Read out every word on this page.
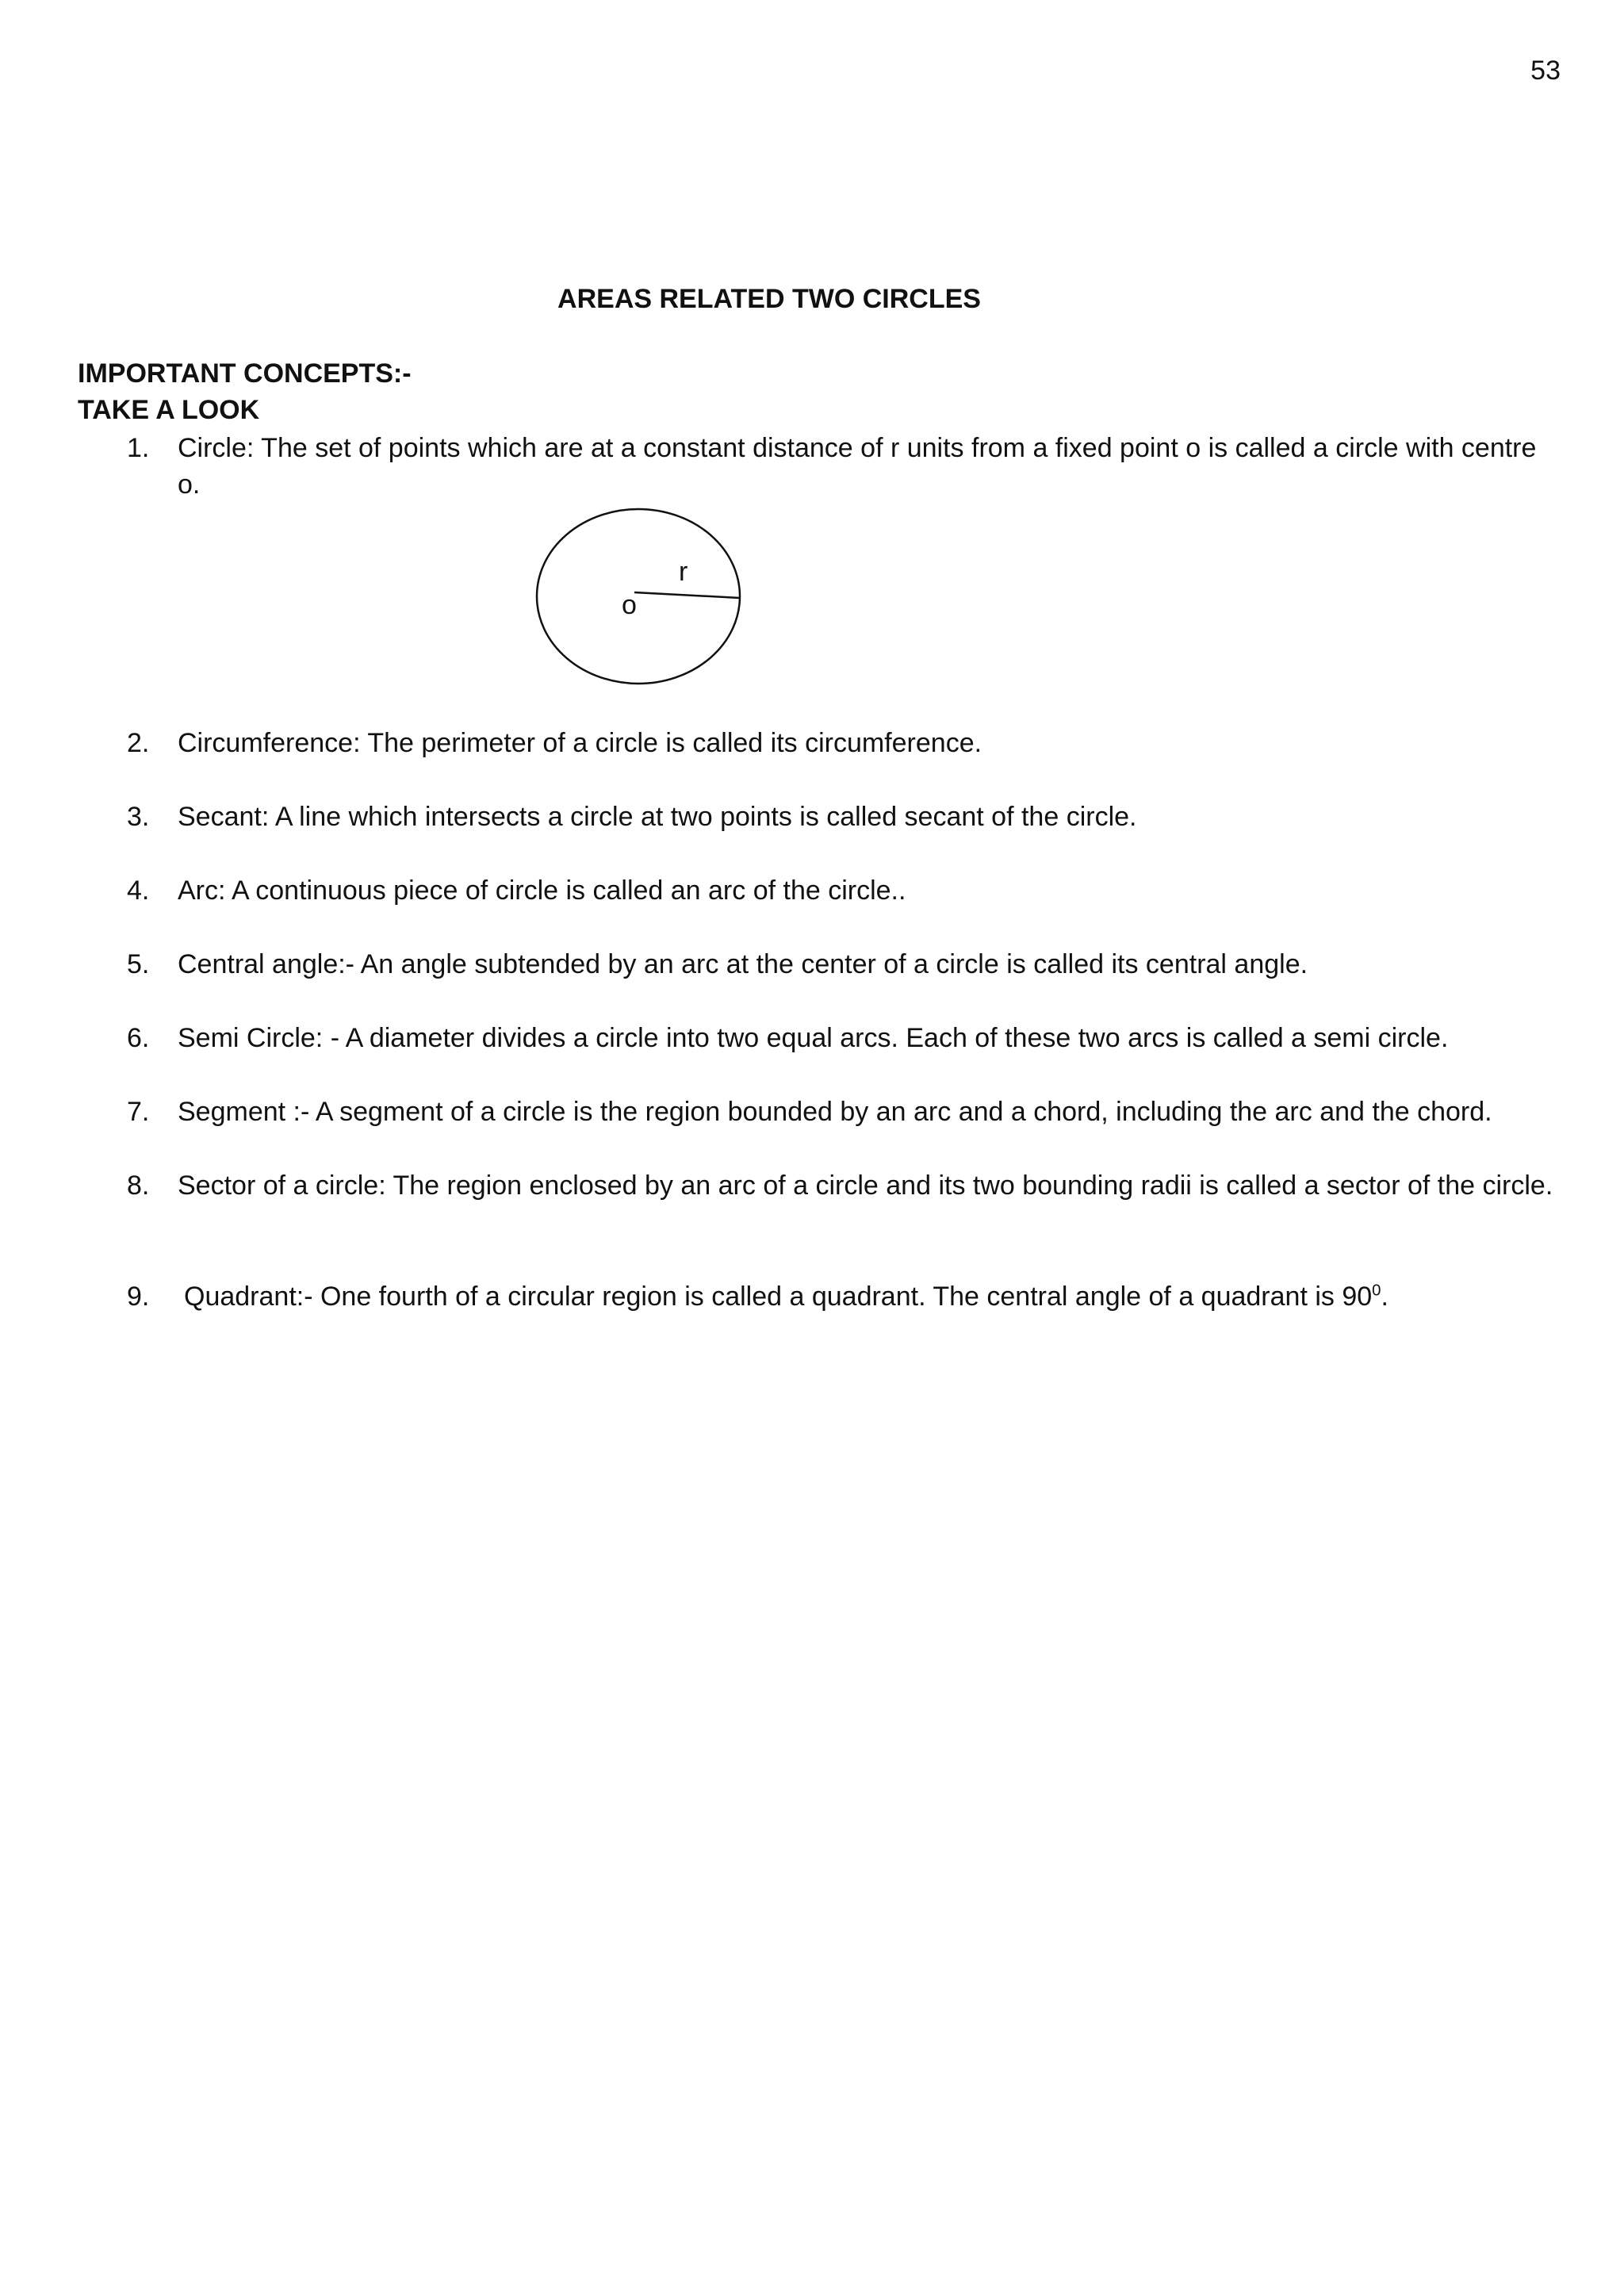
53
AREAS RELATED TWO CIRCLES
IMPORTANT CONCEPTS:-
TAKE A LOOK
1. Circle: The set of points which are at a constant distance of r units from a fixed point o is called a circle with centre o.
r
o
2. Circumference: The perimeter of a circle is called its circumference.
3. Secant: A line which intersects a circle at two points is called secant of the circle.
4. Arc: A continuous piece of circle is called an arc of the circle..
5. Central angle:- An angle subtended by an arc at the center of a circle is called its central angle.
6. Semi Circle: - A diameter divides a circle into two equal arcs. Each of these two arcs is called a semi circle.
7. Segment :- A segment of a circle is the region bounded by an arc and a chord, including the arc and the chord.
8. Sector of a circle: The region enclosed by an arc of a circle and its two bounding radii is called a sector of the circle.
9. Quadrant:- One fourth of a circular region is called a quadrant. The central angle of a quadrant is $90^0$.
